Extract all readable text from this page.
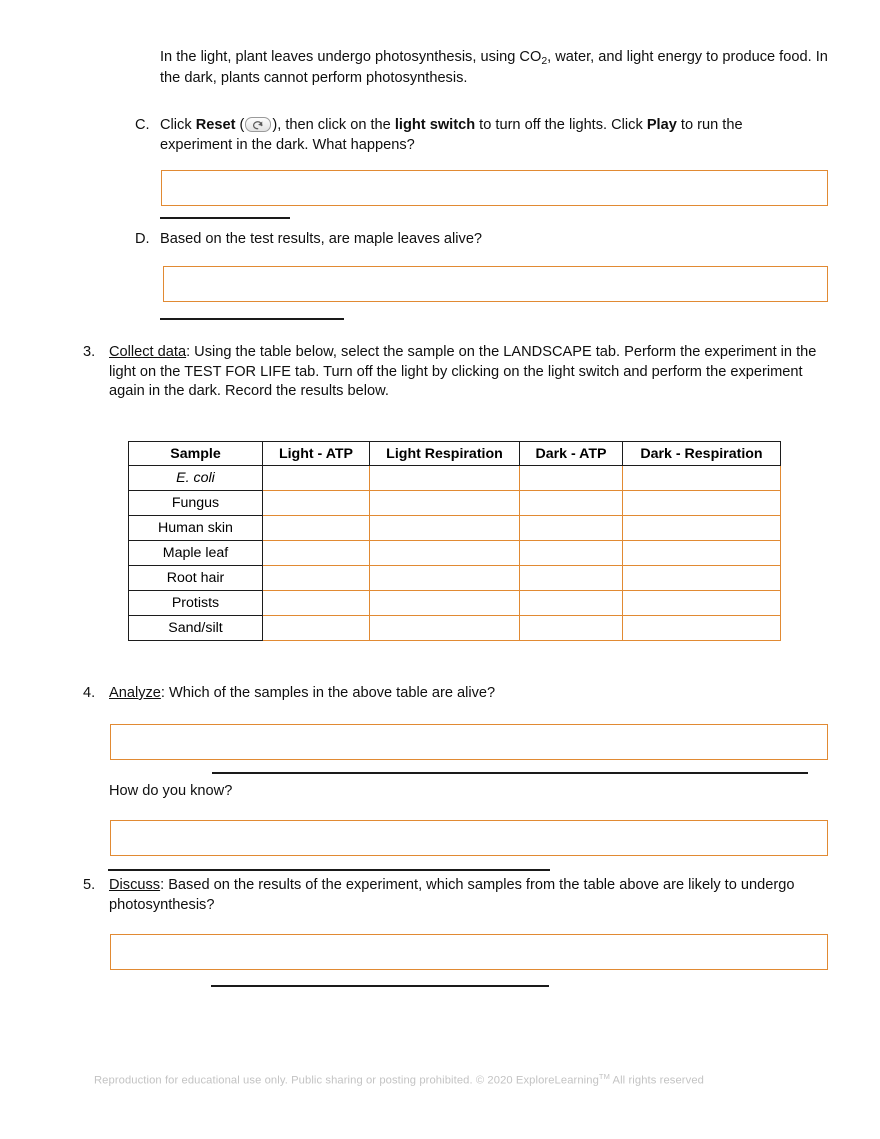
In the light, plant leaves undergo photosynthesis, using $CO_2$, water, and light energy to produce food. In the dark, plants cannot perform photosynthesis.
C. Click Reset ( ), then click on the light switch to turn off the lights. Click Play to run the experiment in the dark. What happens?
D. Based on the test results, are maple leaves alive?
3. Collect data: Using the table below, select the sample on the LANDSCAPE tab. Perform the experiment in the light on the TEST FOR LIFE tab. Turn off the light by clicking on the light switch and perform the experiment again in the dark. Record the results below.
Sample	Light - ATP	Light Respiration	Dark - ATP	Dark - Respiration
E. coli				
Fungus				
Human skin				
Maple leaf				
Root hair				
Protists				
Sand/silt				
4. Analyze: Which of the samples in the above table are alive?
How do you know?
5. Discuss: Based on the results of the experiment, which samples from the table above are likely to undergo photosynthesis?
Reproduction for educational use only. Public sharing or posting prohibited. © 2020 ExploreLearning™ All rights reserved
